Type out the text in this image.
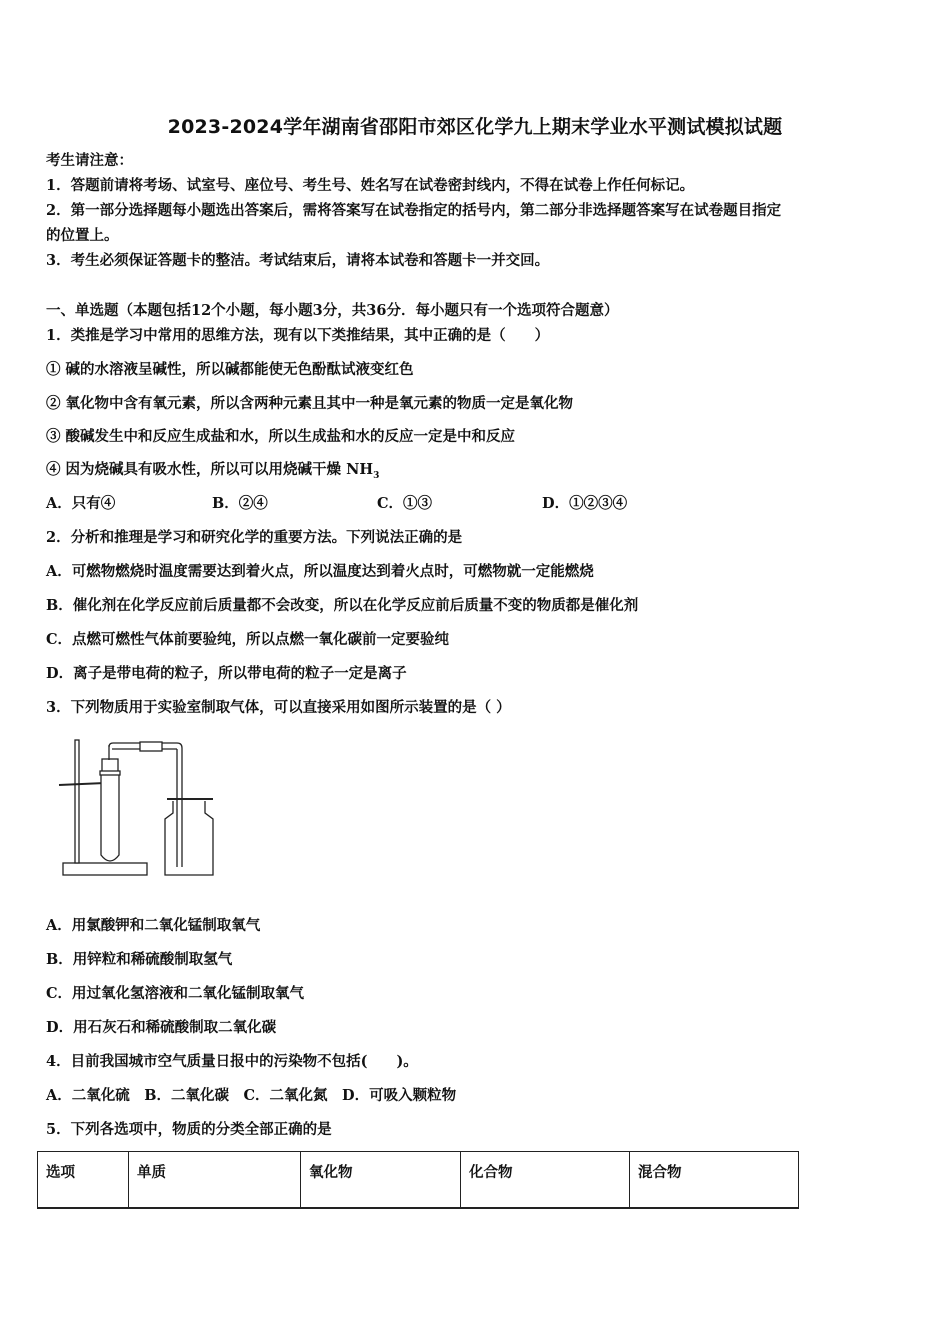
2023-2024学年湖南省邵阳市郊区化学九上期末学业水平测试模拟试题
考生请注意：
1．答题前请将考场、试室号、座位号、考生号、姓名写在试卷密封线内，不得在试卷上作任何标记。
2．第一部分选择题每小题选出答案后，需将答案写在试卷指定的括号内，第二部分非选择题答案写在试卷题目指定
的位置上。
3．考生必须保证答题卡的整洁。考试结束后，请将本试卷和答题卡一并交回。
一、单选题（本题包括12个小题，每小题3分，共36分．每小题只有一个选项符合题意）
1．类推是学习中常用的思维方法，现有以下类推结果，其中正确的是（　　）
① 碱的水溶液呈碱性，所以碱都能使无色酚酞试液变红色
② 氧化物中含有氧元素，所以含两种元素且其中一种是氧元素的物质一定是氧化物
③ 酸碱发生中和反应生成盐和水，所以生成盐和水的反应一定是中和反应
④ 因为烧碱具有吸水性，所以可以用烧碱干燥 $NH_3$
A．只有④	B．②④	C．①③	D．①②③④
2．分析和推理是学习和研究化学的重要方法。下列说法正确的是
A．可燃物燃烧时温度需要达到着火点，所以温度达到着火点时，可燃物就一定能燃烧
B．催化剂在化学反应前后质量都不会改变，所以在化学反应前后质量不变的物质都是催化剂
C．点燃可燃性气体前要验纯，所以点燃一氧化碳前一定要验纯
D．离子是带电荷的粒子，所以带电荷的粒子一定是离子
3．下列物质用于实验室制取气体，可以直接采用如图所示装置的是（ ）
A．用氯酸钾和二氧化锰制取氧气
B．用锌粒和稀硫酸制取氢气
C．用过氧化氢溶液和二氧化锰制取氧气
D．用石灰石和稀硫酸制取二氧化碳
4．目前我国城市空气质量日报中的污染物不包括(　　)。
A．二氧化硫　B．二氧化碳　C．二氧化氮　D．可吸入颗粒物
5．下列各选项中，物质的分类全部正确的是
选项	单质	氧化物	化合物	混合物
